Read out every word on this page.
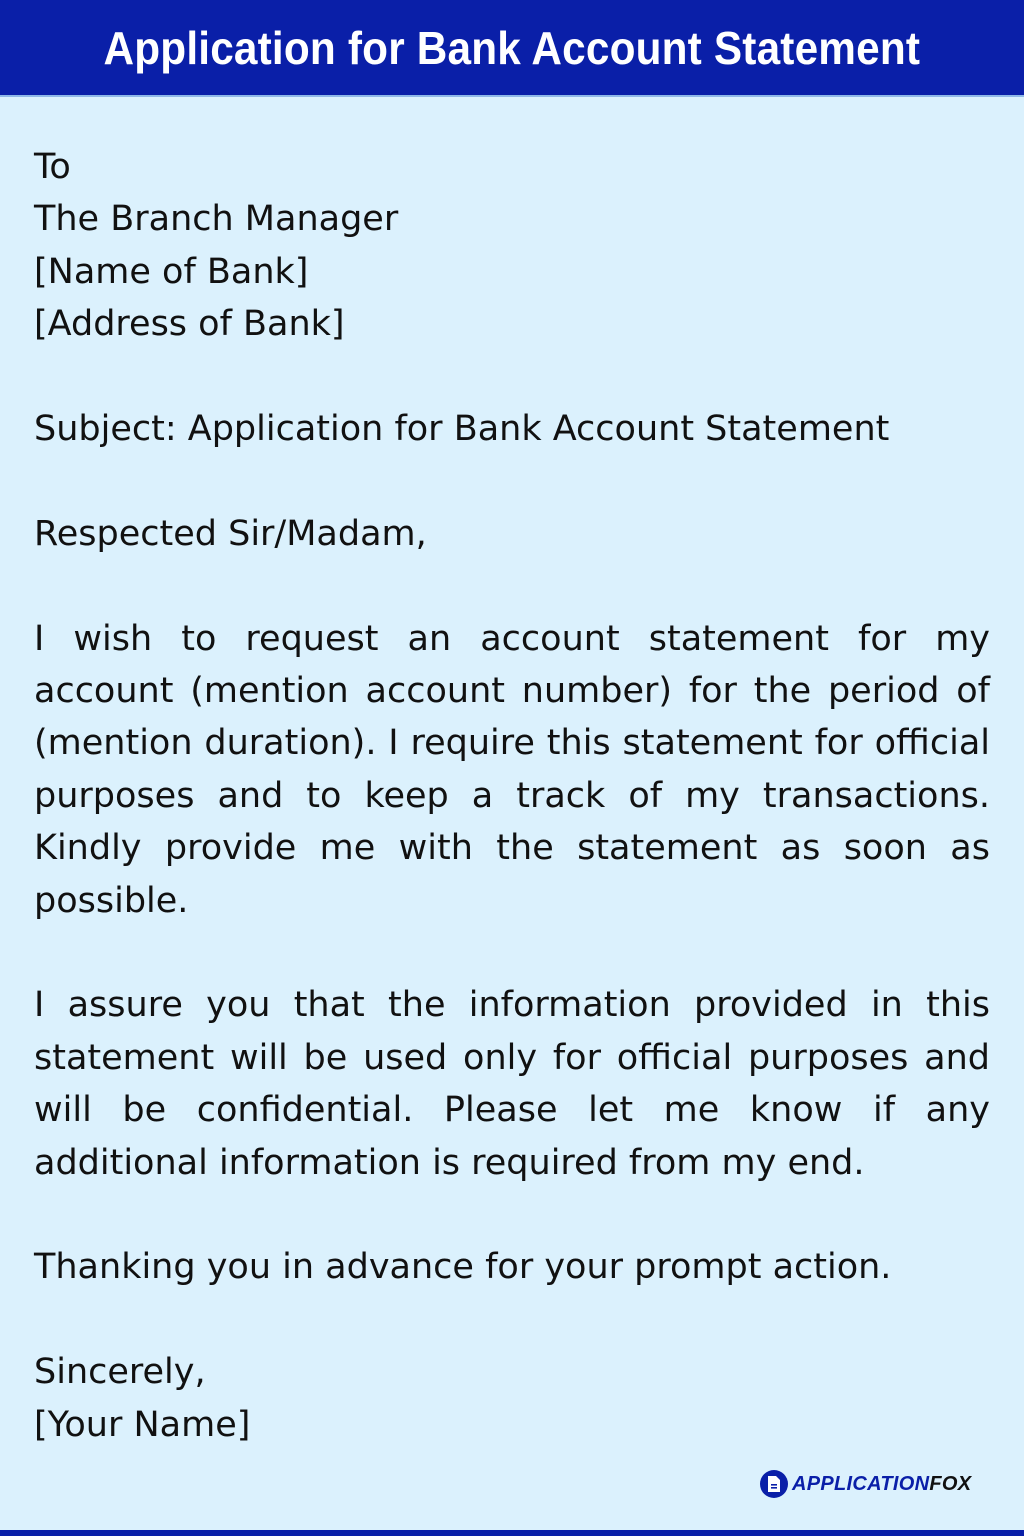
Application for Bank Account Statement

To

The Branch Manager

[Name of Bank]

[Address of Bank]

Subject: Application for Bank Account Statement

Respected Sir/Madam,

I wish to request an account statement for my account (mention account number) for the period of (mention duration). I require this statement for official purposes and to keep a track of my transactions. Kindly provide me with the statement as soon as possible.

I assure you that the information provided in this statement will be used only for official purposes and will be confidential. Please let me know if any additional information is required from my end.

Thanking you in advance for your prompt action.

Sincerely,

[Your Name]

APPLICATIONFOX
